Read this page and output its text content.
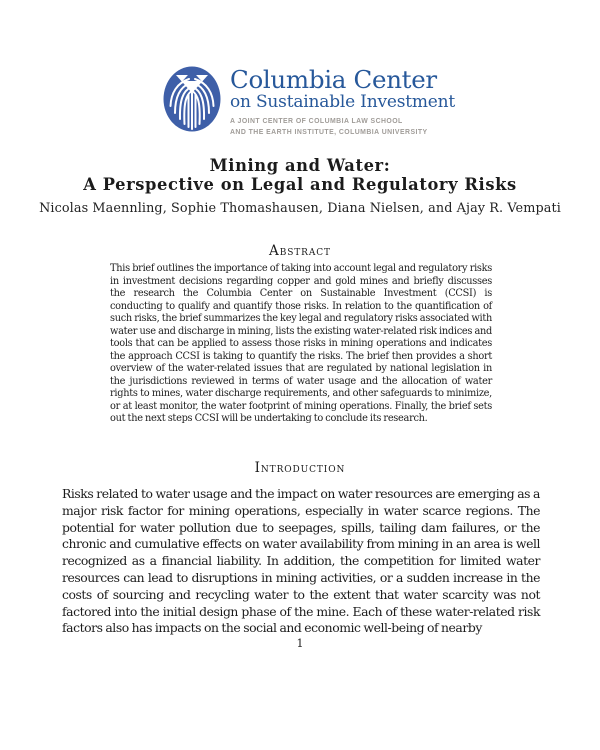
Columbia Center
on Sustainable Investment
A JOINT CENTER OF COLUMBIA LAW SCHOOL
AND THE EARTH INSTITUTE, COLUMBIA UNIVERSITY
Mining and Water:
A Perspective on Legal and Regulatory Risks
Nicolas Maennling, Sophie Thomashausen, Diana Nielsen, and Ajay R. Vempati
Abstract

This brief outlines the importance of taking into account legal and regulatory risks in investment decisions regarding copper and gold mines and briefly discusses the research the Columbia Center on Sustainable Investment (CCSI) is conducting to qualify and quantify those risks. In relation to the quantification of such risks, the brief summarizes the key legal and regulatory risks associated with water use and discharge in mining, lists the existing water-related risk indices and tools that can be applied to assess those risks in mining operations and indicates the approach CCSI is taking to quantify the risks. The brief then provides a short overview of the water-related issues that are regulated by national legislation in the jurisdictions reviewed in terms of water usage and the allocation of water rights to mines, water discharge requirements, and other safeguards to minimize, or at least monitor, the water footprint of mining operations. Finally, the brief sets out the next steps CCSI will be undertaking to conclude its research.

Introduction

Risks related to water usage and the impact on water resources are emerging as a major risk factor for mining operations, especially in water scarce regions. The potential for water pollution due to seepages, spills, tailing dam failures, or the chronic and cumulative effects on water availability from mining in an area is well recognized as a financial liability. In addition, the competition for limited water resources can lead to disruptions in mining activities, or a sudden increase in the costs of sourcing and recycling water to the extent that water scarcity was not factored into the initial design phase of the mine. Each of these water-related risk factors also has impacts on the social and economic well-being of nearby

1
